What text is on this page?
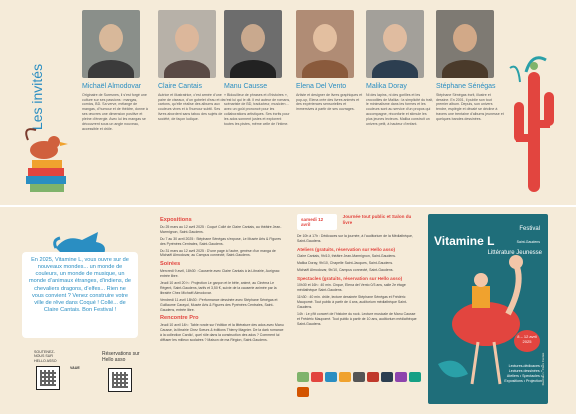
Les invités	Michaël Almodovar
Originaire de Suresnes, il s’est forgé une culture sur ses passions : mangas, comics, BD. Sa verve, mélange de mangas, d’humour et de théâtre, donne à ses œuvres une dimension positive et pleine d’énergie. Avec lui les mangas se découvrent sous un angle nouveau, accessible et drôle.
Claire Cantais
Autrice et illustratrice, c’est armée d’une paire de ciseaux, d’un gobelet d’eau et de cartons, qu’elle réalise des albums aux couleurs vives et à l’humour subtil. Ses livres abordent sans tabou des sujets de société, de façon ludique.
Manu Causse
« Bidouilleur de phrases et d’histoires », c’est lui qui le dit. Il est auteur de romans, scénariste de BD, traducteur, musicien… avec un goût prononcé pour les collaborations artistiques. Ses écrits pour les ados sonnent justes et explorent toutes les pistes, même celle de l’intime.
Elena Del Vento
Artiste et designer de livres graphiques et pop-up, Elena crée des livres animés et des expériences sensorielles et immersives à partir de ses ouvrages.
Malika Doray
Ni des lapins, ni des gorilles et les crocodiles de Malika : la simplicité du trait, le minimalisme dans les formes et les couleurs sont au service d’un propos qui accompagne, réconforte et stimule les plus jeunes lecteurs. Malika construit un univers petit, à hauteur d’enfant.
Stéphane Sénégas
Stéphane Sénégas écrit, illustre et dessine. En 2001, il publie son tout premier album. Depuis, son univers tendre, espiègle et décalé se décline à travers une trentaine d’albums jeunesse et quelques bandes dessinées.

En 2025, Vitamine L, vous ouvre sur de nouveaux mondes... un monde de couleurs, un monde de musique, un monde d’animaux étranges, d’indiens, de chevaliers dragons, d’elfes... Rien ne vous convient ? Venez construire votre ville de rêve dans Coqué ! Collé... de Claire Cantais. Bon Festival !

SOUTENEZ-NOUS SUR HELLO ASSO
VAUE
Réservations sur Hello asso
Expositions

Du 25 mars au 12 avril 2025 : Coqué Collé de Claire Cantais, au théâtre Jean-Marmignon, Saint-Gaudens.

Du 7 au 30 avril 2025 : Stéphane Sénégas s’expose, Le Musée Arts & Figures des Pyrénées Centrales, Saint-Gaudens.

Du 31 mars au 12 avril 2025 : D’une page à l’autre, genèse d’un manga de Michaël Almodovar, au Campus connecté, Saint-Gaudens.

Soirées

Mercredi 9 avril, 18h30 : Causerie avec Claire Cantais à la Librairie, Aurignac entrée libre.

Jeudi 10 avril 20 h : Projection Le garçon et le bête, animé, au Cinéma Le Régent, Saint-Gaudens, tarifs et 3,50 €, suivie de la causerie animée par la librairie Chez Michaël Almodovar.

Vendredi 11 avril 18h30 : Performance dessinée avec Stéphane Sénégas et Guillaume Carayol, Musée Arts & Figures des Pyrénées Centrales, Saint-Gaudens, entrée libre.

Rencontre Pro

Jeudi 10 avril 14h : Table ronde sur l’édition et la littérature des ados avec Manu Causse, la librairie Chez Sœurs & éditions Thierry Magnier. De la dark romance à la collection Cardio’, quel rôle dans la construction des ados ? Comment lui diffuser les milieux scolaires ? Maison de ma Région, Saint-Gaudens.

samedi 12 avril
Journée tout public et Salon du livre

De 10h à 17h : Dédicaces sur la journée, à l’auditorium de la Médiathèque, Saint-Gaudens.

Ateliers (gratuits, réservation sur Hello asso)

Claire Cantais, 9h/10, théâtre Jean-Marmignon, Saint-Gaudens.

Malika Doray, 9h/10, Chapelle Saint-Jacques, Saint-Gaudens.

Michaël Almodovar, 9h/10, Campus connecté, Saint-Gaudens.

Spectacles (gratuits, réservation sur Hello asso)

10h30 et 16h : 40 min. Cirque, Elena del Vento 0/3 ans, salle 2e étage médiathèque Saint-Gaudens.

11h30 : 40 min. drôle, lecture dessinée Stéphane Sénégas et Frédéric Maupomé. Tout public à partir de 4 ans, auditorium médiathèque Saint-Gaudens.

14h : Le p’tit concert de l’histoire du rock. Lecture musicale de Manu Causse et Frédéric Maupomé. Tout public à partir de 10 ans, auditorium médiathèque Saint-Gaudens.

Festival
Saint-Gaudens
Vitamine L
Littérature Jeunesse
8 – 12 avril 2025
Lectures-dédicaces • Lectures dessinées • Ateliers • Spectacles • Expositions • Projection Illustration : Claire Cantais
